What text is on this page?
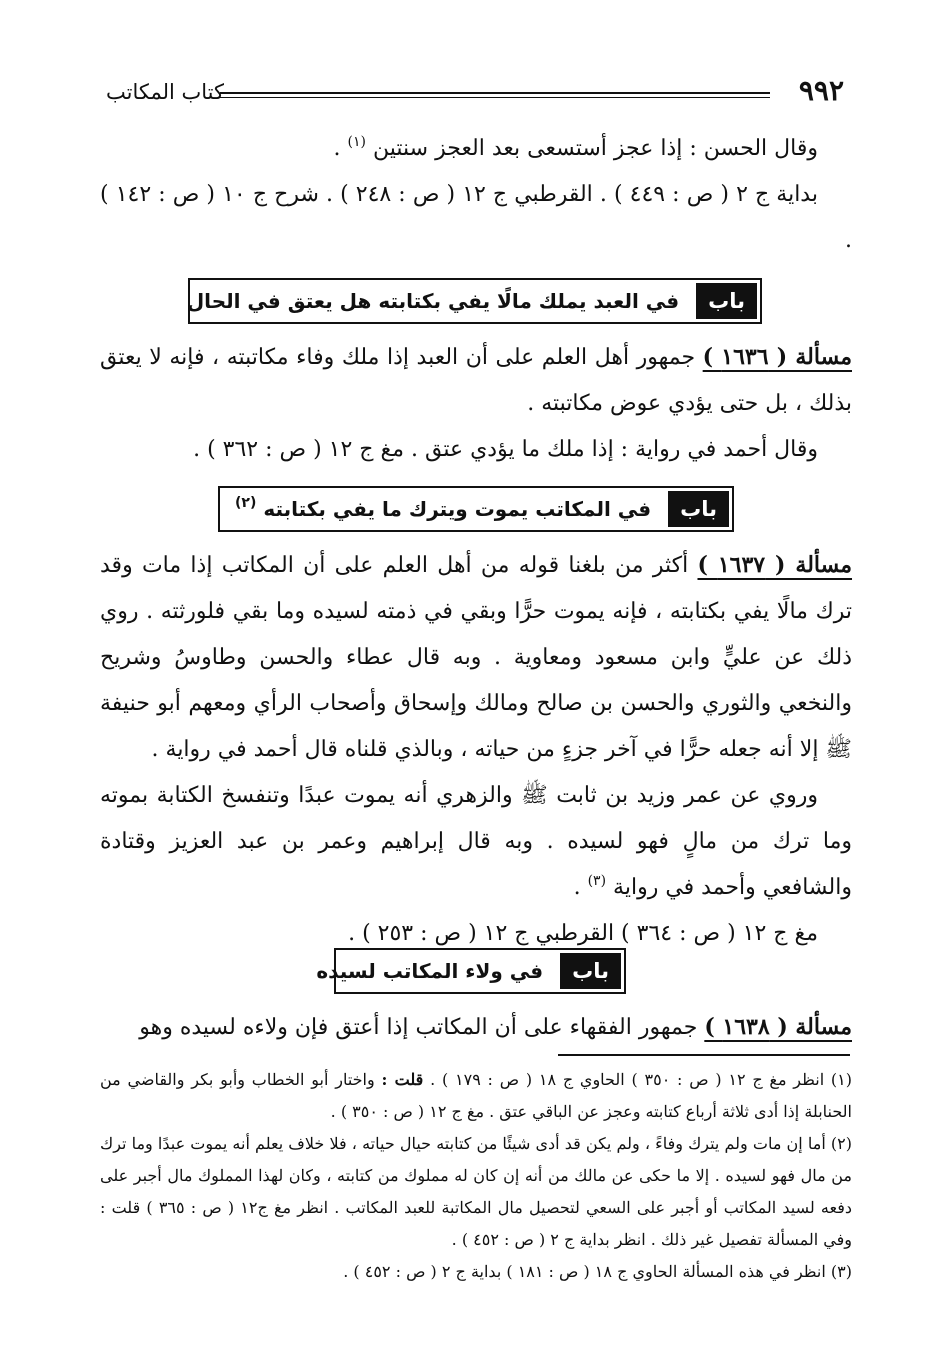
كتاب المكاتب	٩٩٢

وقال الحسن : إذا عجز أستسعى بعد العجز سنتين $^{(١)}$ .

بداية ج ٢ ( ص : ٤٤٩ ) . القرطبي ج ١٢ ( ص : ٢٤٨ ) . شرح ج ١٠ ( ص : ١٤٢ ) .

باب
في العبد يملك مالًا يفي بكتابته هل يعتق في الحال

مسألة ( ١٦٣٦ ) جمهور أهل العلم على أن العبد إذا ملك وفاء مكاتبته ، فإنه لا يعتق بذلك ، بل حتى يؤدي عوض مكاتبته .

وقال أحمد في رواية : إذا ملك ما يؤدي عتق . مغ ج ١٢ ( ص : ٣٦٢ ) .

باب
في المكاتب يموت ويترك ما يفي بكتابته $^{(٢)}$

مسألة ( ١٦٣٧ ) أكثر من بلغنا قوله من أهل العلم على أن المكاتب إذا مات وقد ترك مالًا يفي بكتابته ، فإنه يموت حرًّا وبقي في ذمته لسيده وما بقي فلورثته . روي ذلك عن عليٍّ وابن مسعود ومعاوية . وبه قال عطاء والحسن وطاوسُ وشريح والنخعي والثوري والحسن بن صالح ومالك وإسحاق وأصحاب الرأي ومعهم أبو حنيفة ﷺ إلا أنه جعله حرًّا في آخر جزءٍ من حياته ، وبالذي قلناه قال أحمد في رواية .

وروي عن عمر وزيد بن ثابت ﷺ والزهري أنه يموت عبدًا وتنفسخ الكتابة بموته وما ترك من مالٍ فهو لسيده . وبه قال إبراهيم وعمر بن عبد العزيز وقتادة والشافعي وأحمد في رواية $^{(٣)}$ .

مغ ج ١٢ ( ص : ٣٦٤ ) القرطبي ج ١٢ ( ص : ٢٥٣ ) .

باب
في ولاء المكاتب لسيده

مسألة ( ١٦٣٨ ) جمهور الفقهاء على أن المكاتب إذا أعتق فإن ولاءه لسيده وهو

(١) انظر مغ ج ١٢ ( ص : ٣٥٠ ) الحاوي ج ١٨ ( ص : ١٧٩ ) . قلت : واختار أبو الخطاب وأبو بكر والقاضي من الحنابلة إذا أدى ثلاثة أرباع كتابته وعجز عن الباقي عتق . مغ ج ١٢ ( ص : ٣٥٠ ) .

(٢) أما إن مات ولم يترك وفاءً ، ولم يكن قد أدى شيئًا من كتابته حيال حياته ، فلا خلاف يعلم أنه يموت عبدًا وما ترك من مال فهو لسيده . إلا ما حكى عن مالك من أنه إن كان له مملوك من كتابته ، وكان لهذا المملوك مال أجبر على دفعه لسيد المكاتب أو أجبر على السعي لتحصيل مال المكاتبة للعبد المكاتب . انظر مغ ج١٢ ( ص : ٣٦٥ ) قلت : وفي المسألة تفصيل غير ذلك . انظر بداية ج ٢ ( ص : ٤٥٢ ) .

(٣) انظر في هذه المسألة الحاوي ج ١٨ ( ص : ١٨١ ) بداية ج ٢ ( ص : ٤٥٢ ) .
